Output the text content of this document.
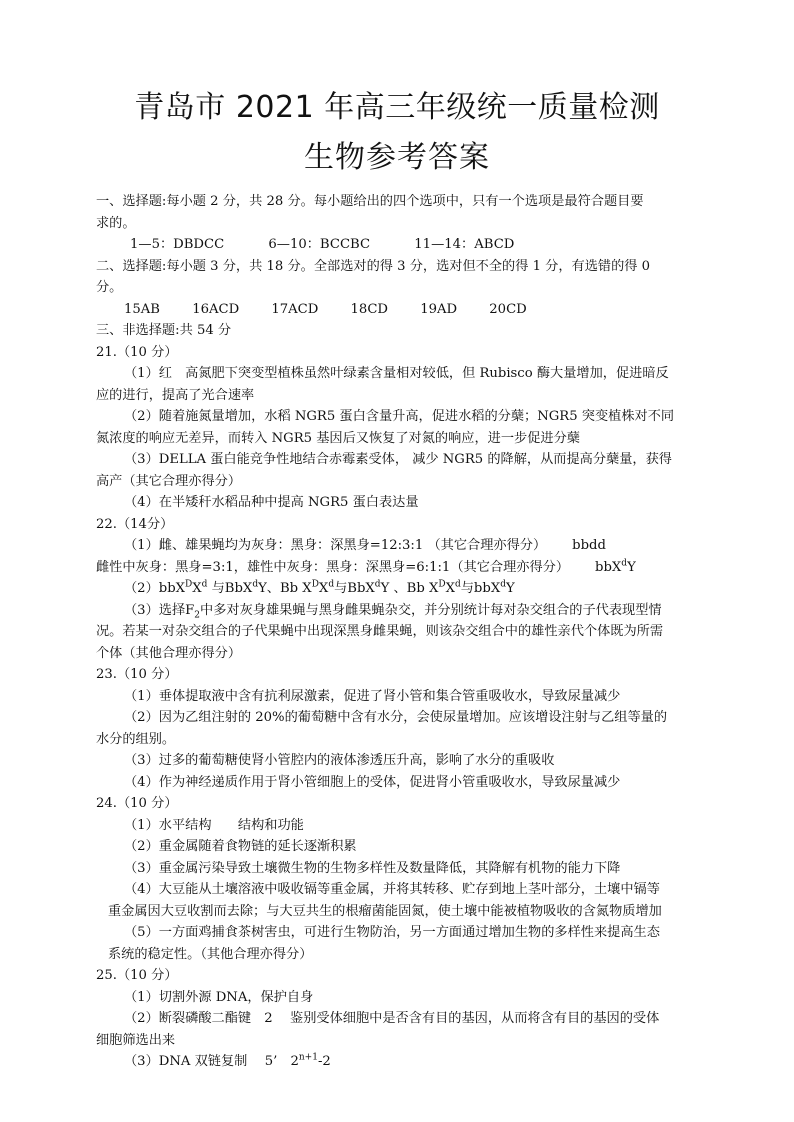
青岛市 2021 年高三年级统一质量检测
生物参考答案
一、选择题:每小题 2 分，共 28 分。每小题给出的四个选项中，只有一个选项是最符合题目要
求的。
1—5：DBDCC	6—10：BCCBC	11—14：ABCD
二、选择题:每小题 3 分，共 18 分。全部选对的得 3 分，选对但不全的得 1 分，有选错的得 0
分。
15AB 16ACD 17ACD 18CD 19AD 20CD
三、非选择题:共 54 分
21.（10 分）
（1）红　高氮肥下突变型植株虽然叶绿素含量相对较低，但 Rubisco 酶大量增加，促进暗反
应的进行，提高了光合速率
（2）随着施氮量增加，水稻 NGR5 蛋白含量升高，促进水稻的分蘖；NGR5 突变植株对不同
氮浓度的响应无差异，而转入 NGR5 基因后又恢复了对氮的响应，进一步促进分蘖
（3）DELLA 蛋白能竞争性地结合赤霉素受体， 减少 NGR5 的降解，从而提高分蘖量，获得
高产（其它合理亦得分）
（4）在半矮秆水稻品种中提高 NGR5 蛋白表达量
22.（14分）
（1）雌、雄果蝇均为灰身：黑身：深黑身=12:3:1 （其它合理亦得分） bbdd
雌性中灰身：黑身=3:1，雄性中灰身：黑身：深黑身=6:1:1（其它合理亦得分） bbX$^d$Y
$(2)bbX^DX^d$ 与BbX$^d$Y、Bb $X^DX^d$与BbX$^d$Y 、Bb $X^DX^d$与bbX$^d$Y
（3）选择$F_2$中多对灰身雄果蝇与黑身雌果蝇杂交，并分别统计每对杂交组合的子代表现型情
况。若某一对杂交组合的子代果蝇中出现深黑身雌果蝇，则该杂交组合中的雄性亲代个体既为所需
个体（其他合理亦得分）
23.（10 分）
（1）垂体提取液中含有抗利尿激素，促进了肾小管和集合管重吸收水，导致尿量减少
（2）因为乙组注射的 20%的葡萄糖中含有水分，会使尿量增加。应该增设注射与乙组等量的
水分的组别。
（3）过多的葡萄糖使肾小管腔内的液体渗透压升高，影响了水分的重吸收
（4）作为神经递质作用于肾小管细胞上的受体，促进肾小管重吸收水，导致尿量减少
24.（10 分）
（1）水平结构　　结构和功能
（2）重金属随着食物链的延长逐渐积累
（3）重金属污染导致土壤微生物的生物多样性及数量降低，其降解有机物的能力下降
（4）大豆能从土壤溶液中吸收镉等重金属，并将其转移、贮存到地上茎叶部分，土壤中镉等
重金属因大豆收割而去除；与大豆共生的根瘤菌能固氮，使土壤中能被植物吸收的含氮物质增加
（5）一方面鸡捕食茶树害虫，可进行生物防治，另一方面通过增加生物的多样性来提高生态
系统的稳定性。（其他合理亦得分）
25.（10 分）
（1）切割外源 DNA，保护自身
（2）断裂磷酸二酯键　2　 鉴别受体细胞中是否含有目的基因，从而将含有目的基因的受体
细胞筛选出来
（3）DNA 双链复制　 5’　$2^{n+1}-2$
